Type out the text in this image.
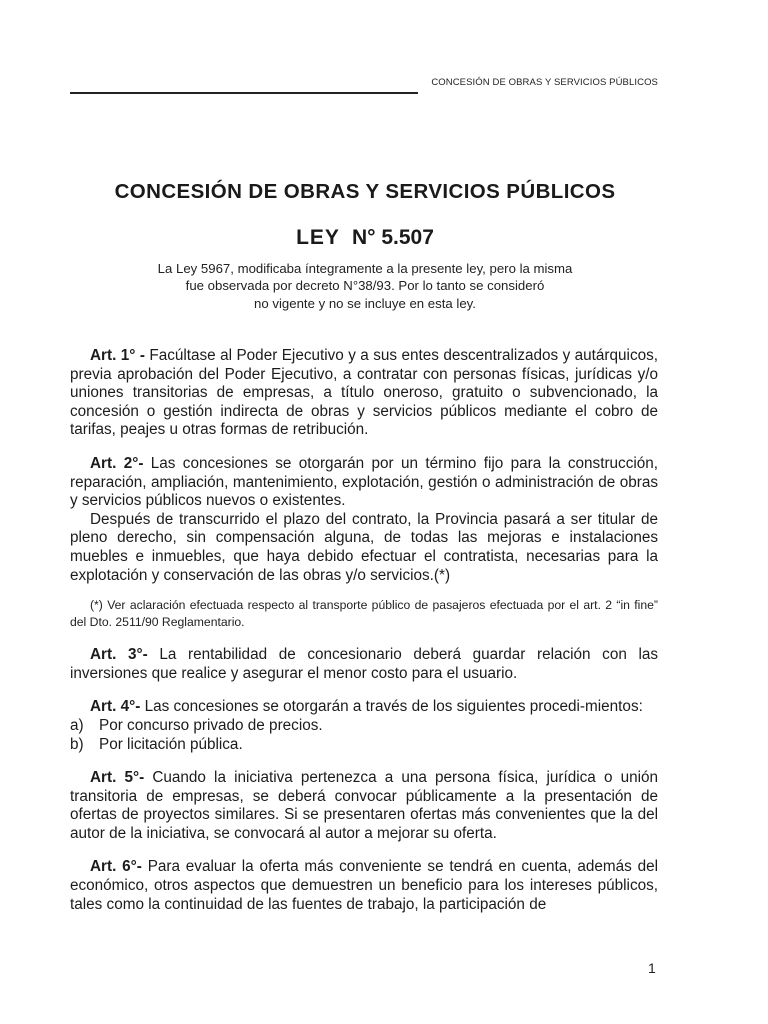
CONCESIÓN DE OBRAS Y SERVICIOS PÚBLICOS
CONCESIÓN DE OBRAS Y SERVICIOS PÚBLICOS
LEY N° 5.507
La Ley 5967, modificaba íntegramente a la presente ley, pero la misma
fue observada por decreto N°38/93. Por lo tanto se consideró
no vigente y no se incluye en esta ley.

Art. 1° - Facúltase al Poder Ejecutivo y a sus entes descentralizados y autárquicos, previa aprobación del Poder Ejecutivo, a contratar con personas físicas, jurídicas y/o uniones transitorias de empresas, a título oneroso, gratuito o subvencionado, la concesión o gestión indirecta de obras y servicios públicos mediante el cobro de tarifas, peajes u otras formas de retribución.

Art. 2°- Las concesiones se otorgarán por un término fijo para la construcción, reparación, ampliación, mantenimiento, explotación, gestión o administración de obras y servicios públicos nuevos o existentes.

Después de transcurrido el plazo del contrato, la Provincia pasará a ser titular de pleno derecho, sin compensación alguna, de todas las mejoras e instalaciones muebles e inmuebles, que haya debido efectuar el contratista, necesarias para la explotación y conservación de las obras y/o servicios.(*)

(*) Ver aclaración efectuada respecto al transporte público de pasajeros efectuada por el art. 2 “in fine” del Dto. 2511/90 Reglamentario.

Art. 3°- La rentabilidad de concesionario deberá guardar relación con las inversiones que realice y asegurar el menor costo para el usuario.

Art. 4°- Las concesiones se otorgarán a través de los siguientes procedi-mientos:

a)	Por concurso privado de precios.
b)	Por licitación pública.

Art. 5°- Cuando la iniciativa pertenezca a una persona física, jurídica o unión transitoria de empresas, se deberá convocar públicamente a la presentación de ofertas de proyectos similares. Si se presentaren ofertas más convenientes que la del autor de la iniciativa, se convocará al autor a mejorar su oferta.

Art. 6°- Para evaluar la oferta más conveniente se tendrá en cuenta, además del económico, otros aspectos que demuestren un beneficio para los intereses públicos, tales como la continuidad de las fuentes de trabajo, la participación de

1
